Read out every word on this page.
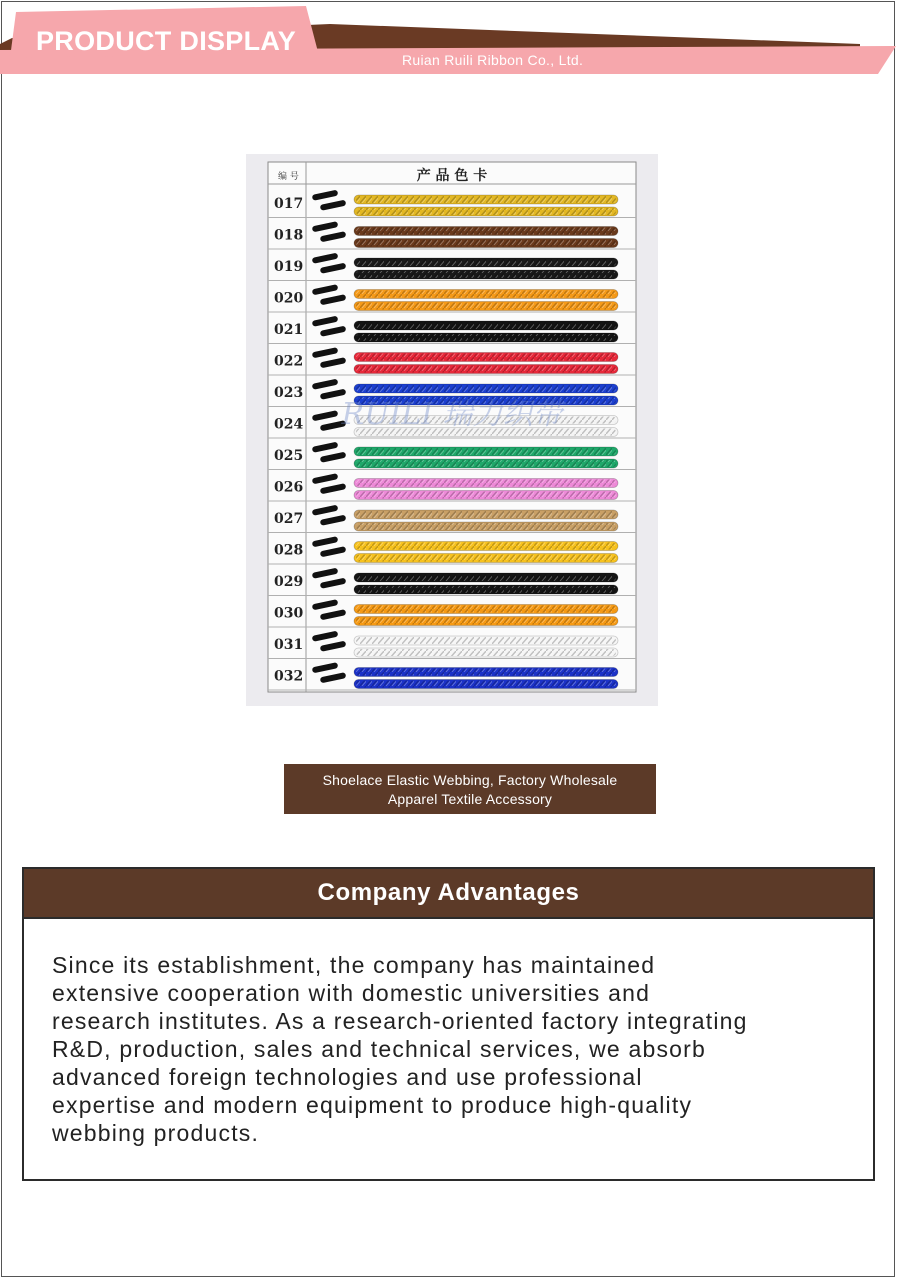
PRODUCT DISPLAY
Ruian Ruili Ribbon Co., Ltd.
编 号	产 品 色 卡
017
018
019
020
021
022
023
024
025
026
027
028
029
030
031
032
RUILI 瑞力织带
Shoelace Elastic Webbing, Factory Wholesale
Apparel Textile Accessory
Company Advantages
Since its establishment, the company has maintained
extensive cooperation with domestic universities and
research institutes. As a research-oriented factory integrating
R&D, production, sales and technical services, we absorb
advanced foreign technologies and use professional
expertise and modern equipment to produce high-quality
webbing products.
